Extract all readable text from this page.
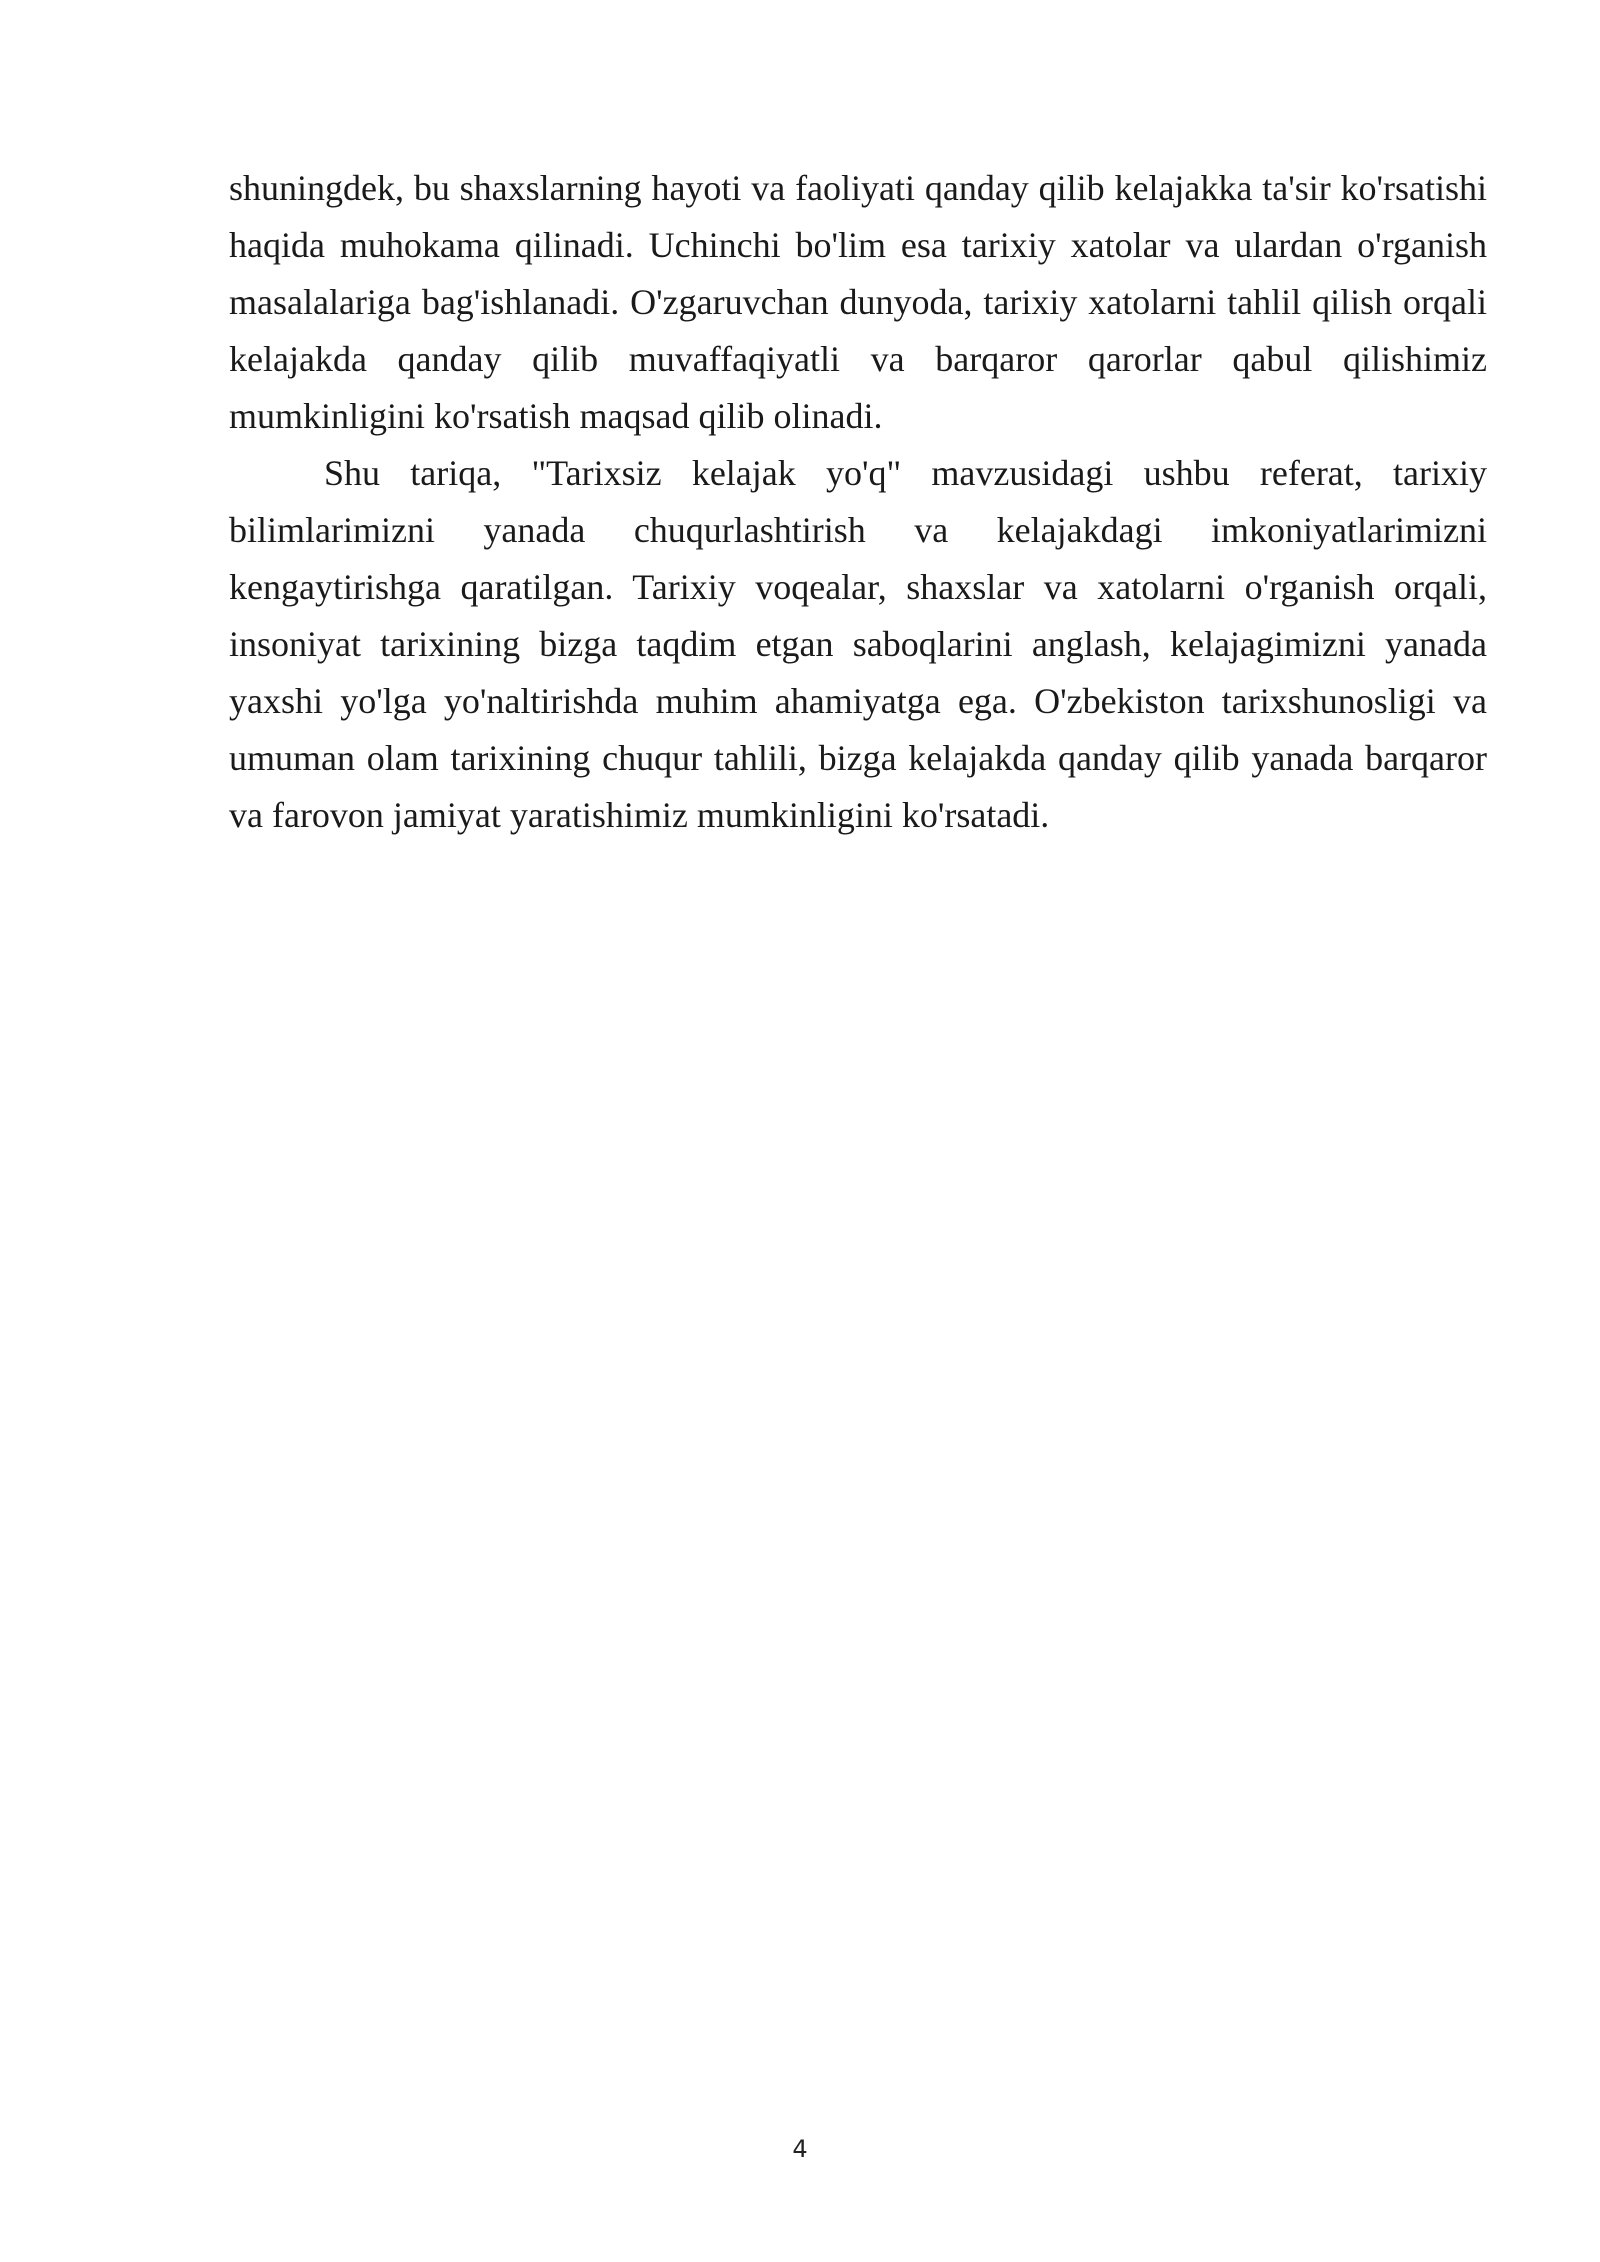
shuningdek, bu shaxslarning hayoti va faoliyati qanday qilib kelajakka ta'sir ko'rsatishi haqida muhokama qilinadi. Uchinchi bo'lim esa tarixiy xatolar va ulardan o'rganish masalalariga bag'ishlanadi. O'zgaruvchan dunyoda, tarixiy xatolarni tahlil qilish orqali kelajakda qanday qilib muvaffaqiyatli va barqaror qarorlar qabul qilishimiz mumkinligini ko'rsatish maqsad qilib olinadi.

Shu tariqa, "Tarixsiz kelajak yo'q" mavzusidagi ushbu referat, tarixiy bilimlarimizni yanada chuqurlashtirish va kelajakdagi imkoniyatlarimizni kengaytirishga qaratilgan. Tarixiy voqealar, shaxslar va xatolarni o'rganish orqali, insoniyat tarixining bizga taqdim etgan saboqlarini anglash, kelajagimizni yanada yaxshi yo'lga yo'naltirishda muhim ahamiyatga ega. O'zbekiston tarixshunosligi va umuman olam tarixining chuqur tahlili, bizga kelajakda qanday qilib yanada barqaror va farovon jamiyat yaratishimiz mumkinligini ko'rsatadi.

4
